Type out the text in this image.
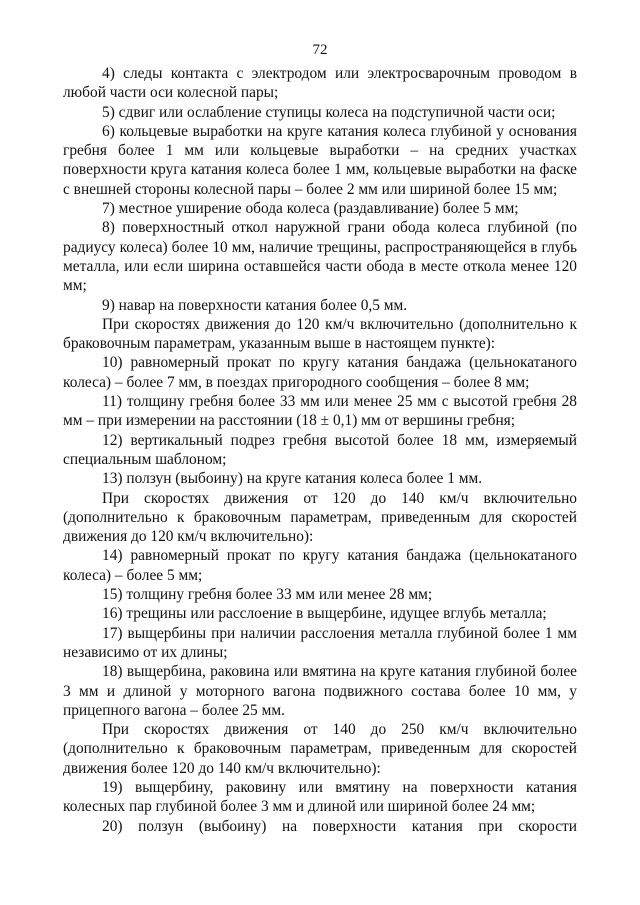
72

4) следы контакта с электродом или электросварочным проводом в любой части оси колесной пары;

5) сдвиг или ослабление ступицы колеса на подступичной части оси;

6) кольцевые выработки на круге катания колеса глубиной у основания гребня более 1 мм или кольцевые выработки – на средних участках поверхности круга катания колеса более 1 мм, кольцевые выработки на фаске с внешней стороны колесной пары – более 2 мм или шириной более 15 мм;

7) местное уширение обода колеса (раздавливание) более 5 мм;

8) поверхностный откол наружной грани обода колеса глубиной (по радиусу колеса) более 10 мм, наличие трещины, распространяющейся в глубь металла, или если ширина оставшейся части обода в месте откола менее 120 мм;

9) навар на поверхности катания более 0,5 мм.

При скоростях движения до 120 км/ч включительно (дополнительно к браковочным параметрам, указанным выше в настоящем пункте):

10) равномерный прокат по кругу катания бандажа (цельнокатаного колеса) – более 7 мм, в поездах пригородного сообщения – более 8 мм;

11) толщину гребня более 33 мм или менее 25 мм с высотой гребня 28 мм – при измерении на расстоянии (18 ± 0,1) мм от вершины гребня;

12) вертикальный подрез гребня высотой более 18 мм, измеряемый специальным шаблоном;

13) ползун (выбоину) на круге катания колеса более 1 мм.

При скоростях движения от 120 до 140 км/ч включительно (дополнительно к браковочным параметрам, приведенным для скоростей движения до 120 км/ч включительно):

14) равномерный прокат по кругу катания бандажа (цельнокатаного колеса) – более 5 мм;

15) толщину гребня более 33 мм или менее 28 мм;

16) трещины или расслоение в выщербине, идущее вглубь металла;

17) выщербины при наличии расслоения металла глубиной более 1 мм независимо от их длины;

18) выщербина, раковина или вмятина на круге катания глубиной более 3 мм и длиной у моторного вагона подвижного состава более 10 мм, у прицепного вагона – более 25 мм.

При скоростях движения от 140 до 250 км/ч включительно (дополнительно к браковочным параметрам, приведенным для скоростей движения более 120 до 140 км/ч включительно):

19) выщербину, раковину или вмятину на поверхности катания колесных пар глубиной более 3 мм и длиной или шириной более 24 мм;

20) ползун (выбоину) на поверхности катания при скорости
